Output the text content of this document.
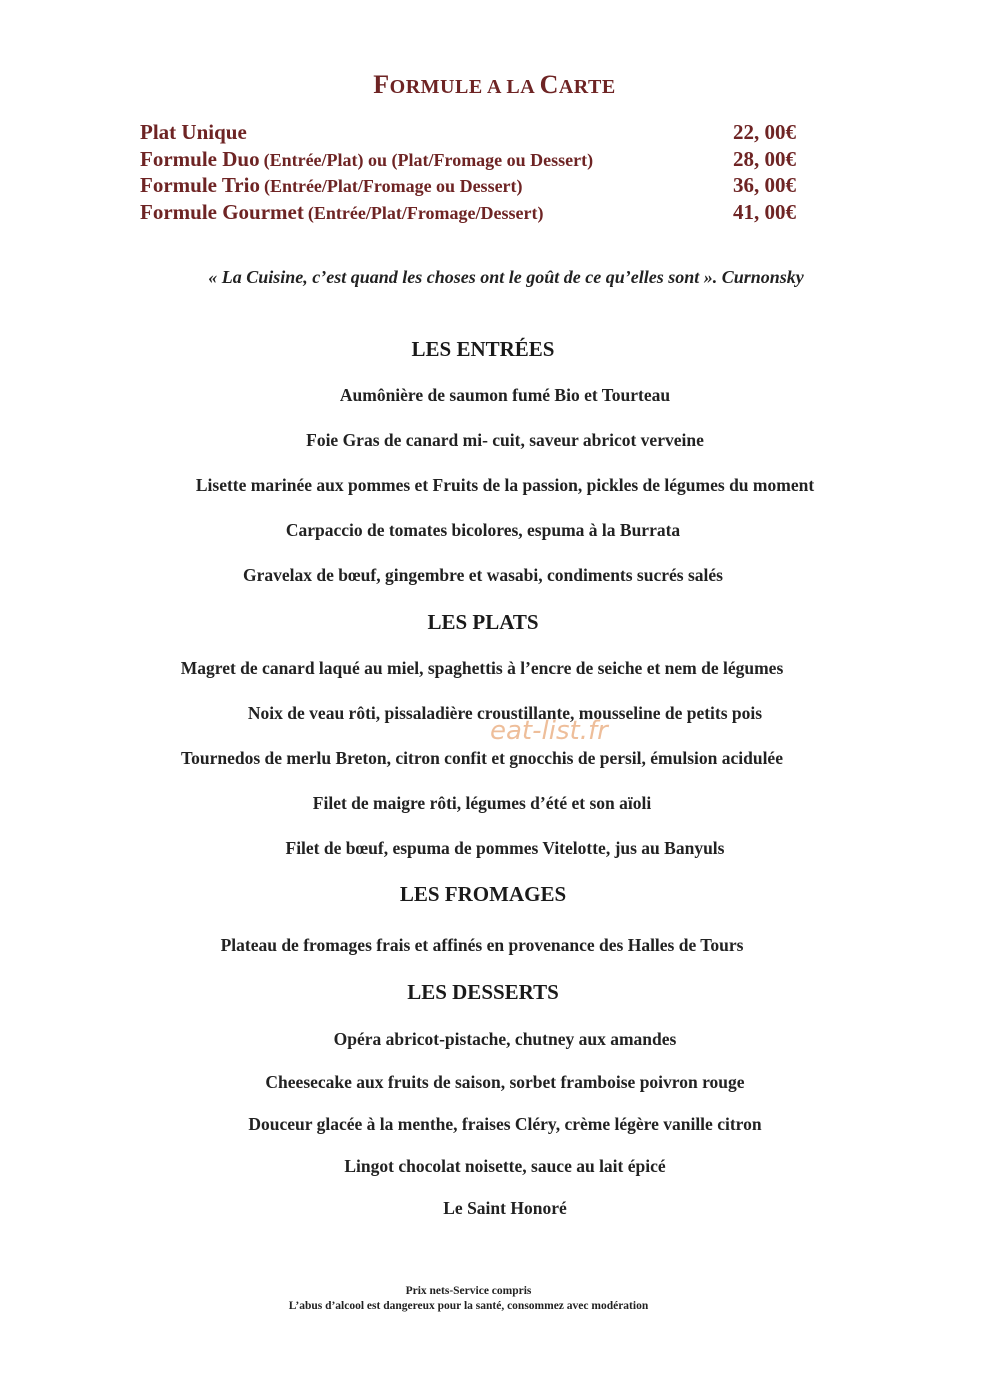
FORMULE A LA CARTE
Plat Unique	22, 00€
Formule Duo (Entrée/Plat) ou (Plat/Fromage ou Dessert)	28, 00€
Formule Trio (Entrée/Plat/Fromage ou Dessert)	36, 00€
Formule Gourmet (Entrée/Plat/Fromage/Dessert)	41, 00€
« La Cuisine, c’est quand les choses ont le goût de ce qu’elles sont ». Curnonsky
LES ENTRÉES
Aumônière de saumon fumé Bio et Tourteau
Foie Gras de canard mi- cuit, saveur abricot verveine
Lisette marinée aux pommes et Fruits de la passion, pickles de légumes du moment
Carpaccio de tomates bicolores, espuma à la Burrata
Gravelax de bœuf, gingembre et wasabi, condiments sucrés salés
LES PLATS
Magret de canard laqué au miel, spaghettis à l’encre de seiche et nem de légumes
Noix de veau rôti, pissaladière croustillante, mousseline de petits pois
Tournedos de merlu Breton, citron confit et gnocchis de persil, émulsion acidulée
Filet de maigre rôti, légumes d’été et son aïoli
Filet de bœuf, espuma de pommes Vitelotte, jus au Banyuls
LES FROMAGES
Plateau de fromages frais et affinés en provenance des Halles de Tours
LES DESSERTS
Opéra abricot-pistache, chutney aux amandes
Cheesecake aux fruits de saison, sorbet framboise poivron rouge
Douceur glacée à la menthe, fraises Cléry, crème légère vanille citron
Lingot chocolat noisette, sauce au lait épicé
Le Saint Honoré
eat-list.fr
Prix nets-Service compris
L’abus d’alcool est dangereux pour la santé, consommez avec modération
